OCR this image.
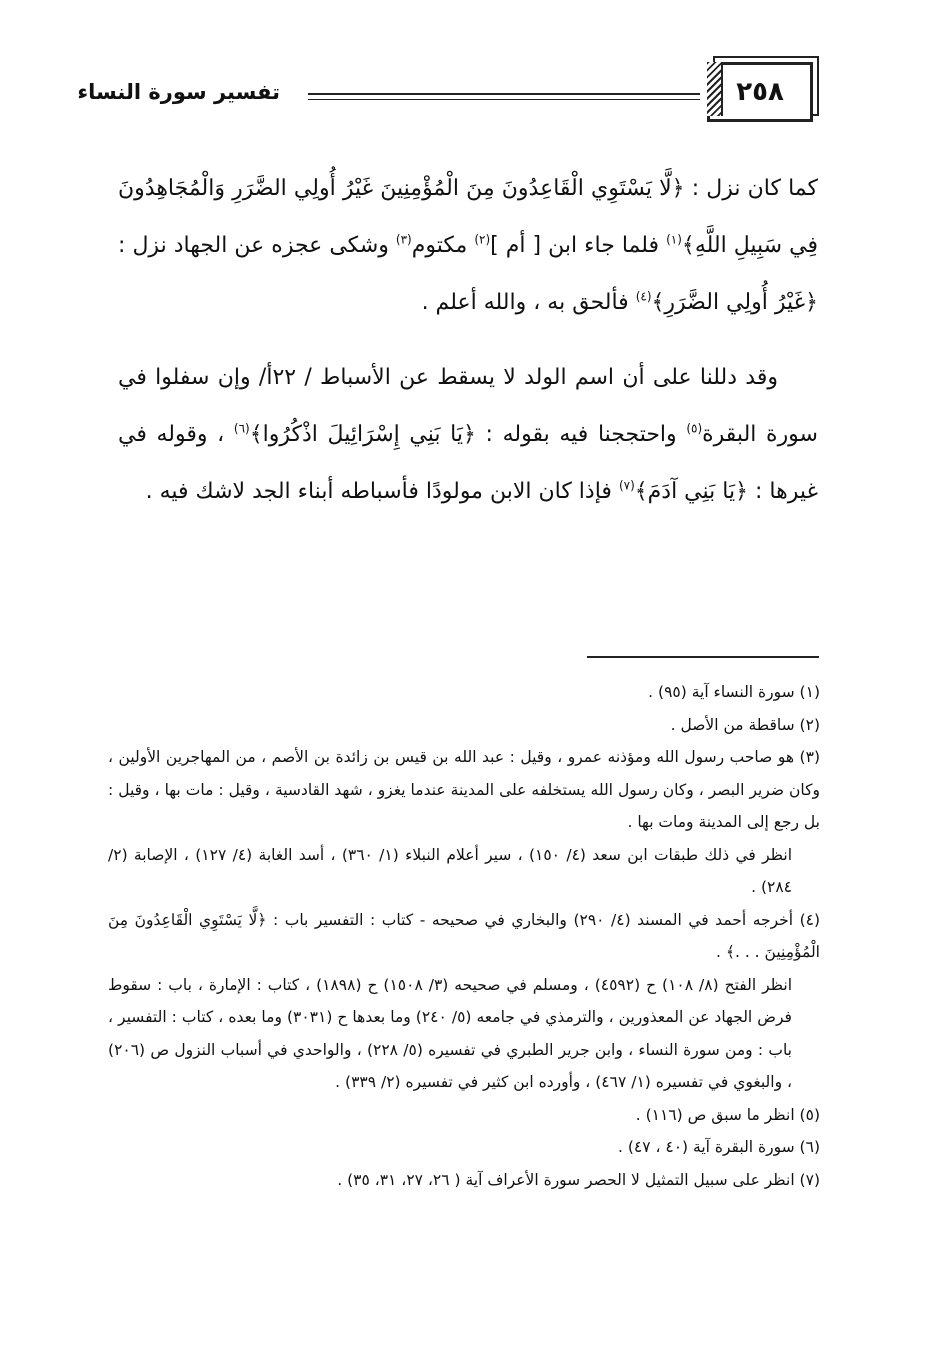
٢٥٨
تفسير سورة النساء

كما كان نزل : ﴿لَّا يَسْتَوِي الْقَاعِدُونَ مِنَ الْمُؤْمِنِينَ غَيْرُ أُولِي الضَّرَرِ وَالْمُجَاهِدُونَ فِي سَبِيلِ اللَّهِ﴾$^{(١)}$ فلما جاء ابن [ أم ]$^{(٢)}$ مكتوم$^{(٣)}$ وشكى عجزه عن الجهاد نزل : ﴿غَيْرُ أُولِي الضَّرَرِ﴾$^{(٤)}$ فألحق به ، والله أعلم .

وقد دللنا على أن اسم الولد لا يسقط عن الأسباط / ٢٢أ/ وإن سفلوا في سورة البقرة$^{(٥)}$ واحتججنا فيه بقوله : ﴿يَا بَنِي إِسْرَائِيلَ اذْكُرُوا﴾$^{(٦)}$ ، وقوله في غيرها : ﴿يَا بَنِي آدَمَ﴾$^{(٧)}$ فإذا كان الابن مولودًا فأسباطه أبناء الجد لاشك فيه .

(١) سورة النساء آية (٩٥) .

(٢) ساقطة من الأصل .

(٣) هو صاحب رسول الله ومؤذنه عمرو ، وقيل : عبد الله بن قيس بن زائدة بن الأصم ، من المهاجرين الأولين ، وكان ضرير البصر ، وكان رسول الله يستخلفه على المدينة عندما يغزو ، شهد القادسية ، وقيل : مات بها ، وقيل : بل رجع إلى المدينة ومات بها .

انظر في ذلك طبقات ابن سعد (٤/ ١٥٠) ، سير أعلام النبلاء (١/ ٣٦٠) ، أسد الغابة (٤/ ١٢٧) ، الإصابة (٢/ ٢٨٤) .

(٤) أخرجه أحمد في المسند (٤/ ٢٩٠) والبخاري في صحيحه - كتاب : التفسير باب : ﴿لَّا يَسْتَوِي الْقَاعِدُونَ مِنَ الْمُؤْمِنِينَ . . .﴾ .

انظر الفتح (٨/ ١٠٨) ح (٤٥٩٢) ، ومسلم في صحيحه (٣/ ١٥٠٨) ح (١٨٩٨) ، كتاب : الإمارة ، باب : سقوط فرض الجهاد عن المعذورين ، والترمذي في جامعه (٥/ ٢٤٠) وما بعدها ح (٣٠٣١) وما بعده ، كتاب : التفسير ، باب : ومن سورة النساء ، وابن جرير الطبري في تفسيره (٥/ ٢٢٨) ، والواحدي في أسباب النزول ص (٢٠٦) ، والبغوي في تفسيره (١/ ٤٦٧) ، وأورده ابن كثير في تفسيره (٢/ ٣٣٩) .

(٥) انظر ما سبق ص (١١٦) .

(٦) سورة البقرة آية (٤٠ ، ٤٧) .

(٧) انظر على سبيل التمثيل لا الحصر سورة الأعراف آية ( ٢٦، ٢٧، ٣١، ٣٥) .
